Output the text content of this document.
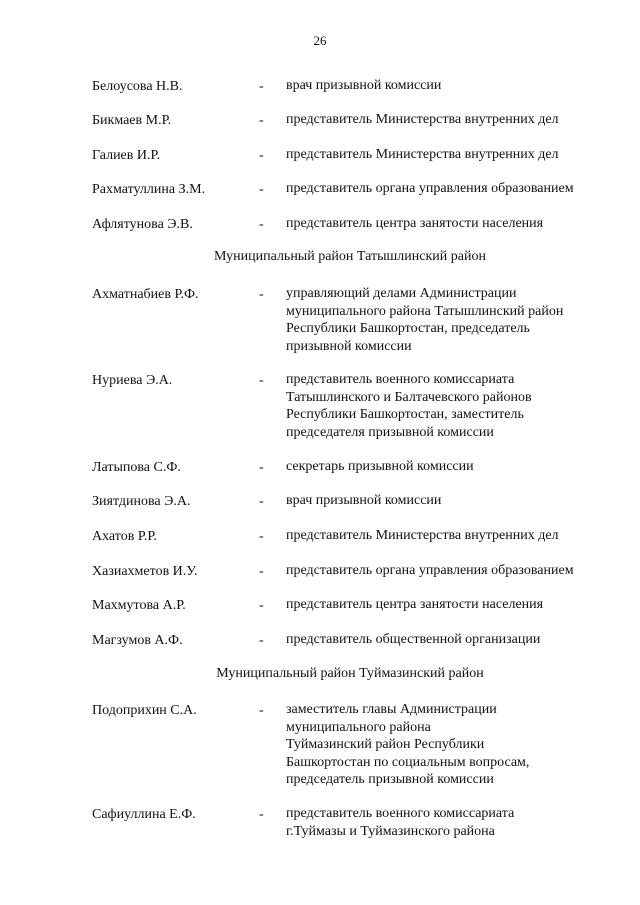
26
Белоусова Н.В.	- врач призывной комиссии
Бикмаев М.Р.	- представитель Министерства внутренних дел
Галиев И.Р.	- представитель Министерства внутренних дел
Рахматуллина З.М.	- представитель органа управления образованием
Афлятунова Э.В.	- представитель центра занятости населения
Муниципальный район Татышлинский район
Ахматнабиев Р.Ф.	- управляющий делами Администрации
муниципального района Татышлинский район
Республики Башкортостан, председатель
призывной комиссии
Нуриева Э.А.	- представитель военного комиссариата
Татышлинского и Балтачевского районов
Республики Башкортостан, заместитель
председателя призывной комиссии
Латыпова С.Ф.	- секретарь призывной комиссии
Зиятдинова Э.А.	- врач призывной комиссии
Ахатов Р.Р.	- представитель Министерства внутренних дел
Хазиахметов И.У.	- представитель органа управления образованием
Махмутова А.Р.	- представитель центра занятости населения
Магзумов А.Ф.	- представитель общественной организации
Муниципальный район Туймазинский район
Подоприхин С.А.	- заместитель главы Администрации
муниципального района
Туймазинский район Республики
Башкортостан по социальным вопросам,
председатель призывной комиссии
Сафиуллина Е.Ф.	- представитель военного комиссариата
г.Туймазы и Туймазинского района
